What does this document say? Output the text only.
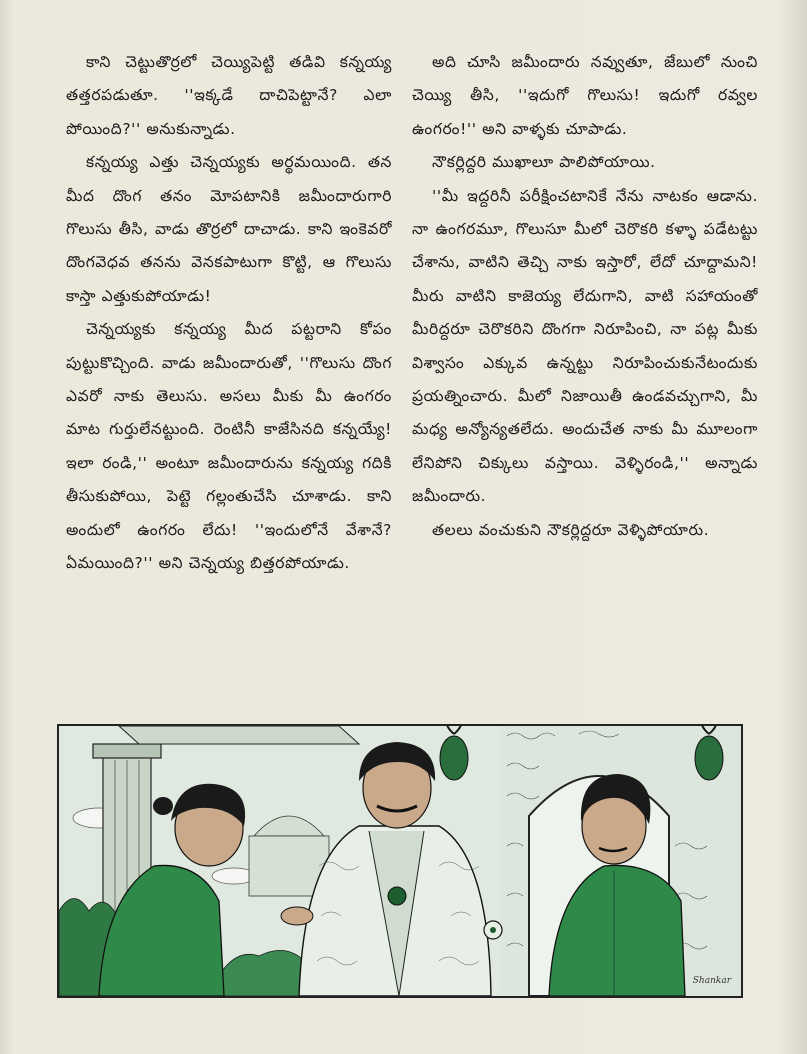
కాని చెట్టుతొర్రలో చెయ్యిపెట్టి తడివి కన్నయ్య తత్తరపడుతూ. ''ఇక్కడే దాచిపెట్టానే? ఎలా పోయింది?'' అనుకున్నాడు.

కన్నయ్య ఎత్తు చెన్నయ్యకు అర్థమయింది. తన మీద దొంగ తనం మోపటానికి జమీందారుగారి గొలుసు తీసి, వాడు తొర్రలో దాచాడు. కాని ఇంకెవరో దొంగవెధవ తనను వెనకపాటుగా కొట్టి, ఆ గొలుసు కాస్తా ఎత్తుకుపోయాడు!

చెన్నయ్యకు కన్నయ్య మీద పట్టరాని కోపం పుట్టుకొచ్చింది. వాడు జమీందారుతో, ''గొలుసు దొంగ ఎవరో నాకు తెలుసు. అసలు మీకు మీ ఉంగరం మాట గుర్తులేనట్టుంది. రెంటినీ కాజేసినది కన్నయ్యే! ఇలా రండి,'' అంటూ జమీందారును కన్నయ్య గదికి తీసుకుపోయి, పెట్టె గల్లంతుచేసి చూశాడు. కాని అందులో ఉంగరం లేదు! ''ఇందులోనే వేశానే? ఏమయింది?'' అని చెన్నయ్య బిత్తరపోయాడు.

అది చూసి జమీందారు నవ్వుతూ, జేబులో నుంచి చెయ్యి తీసి, ''ఇదుగో గొలుసు! ఇదుగో రవ్వల ఉంగరం!'' అని వాళ్ళకు చూపాడు.

నౌకర్లిద్దరి ముఖాలూ పాలిపోయాయి.

''మీ ఇద్దరినీ పరీక్షించటానికే నేను నాటకం ఆడాను. నా ఉంగరమూ, గొలుసూ మీలో చెరొకరి కళ్ళా పడేటట్టు చేశాను, వాటిని తెచ్చి నాకు ఇస్తారో, లేదో చూద్దామని! మీరు వాటిని కాజెయ్య లేదుగాని, వాటి సహాయంతో మీరిద్దరూ చెరొకరిని దొంగగా నిరూపించి, నా పట్ల మీకు విశ్వాసం ఎక్కువ ఉన్నట్టు నిరూపించుకునేటందుకు ప్రయత్నించారు. మీలో నిజాయితీ ఉండవచ్చుగాని, మీ మధ్య అన్యోన్యతలేదు. అందుచేత నాకు మీ మూలంగా లేనిపోని చిక్కులు వస్తాయి. వెళ్ళిరండి,'' అన్నాడు జమీందారు.

తలలు వంచుకుని నౌకర్లిద్దరూ వెళ్ళిపోయారు.

Shankar
